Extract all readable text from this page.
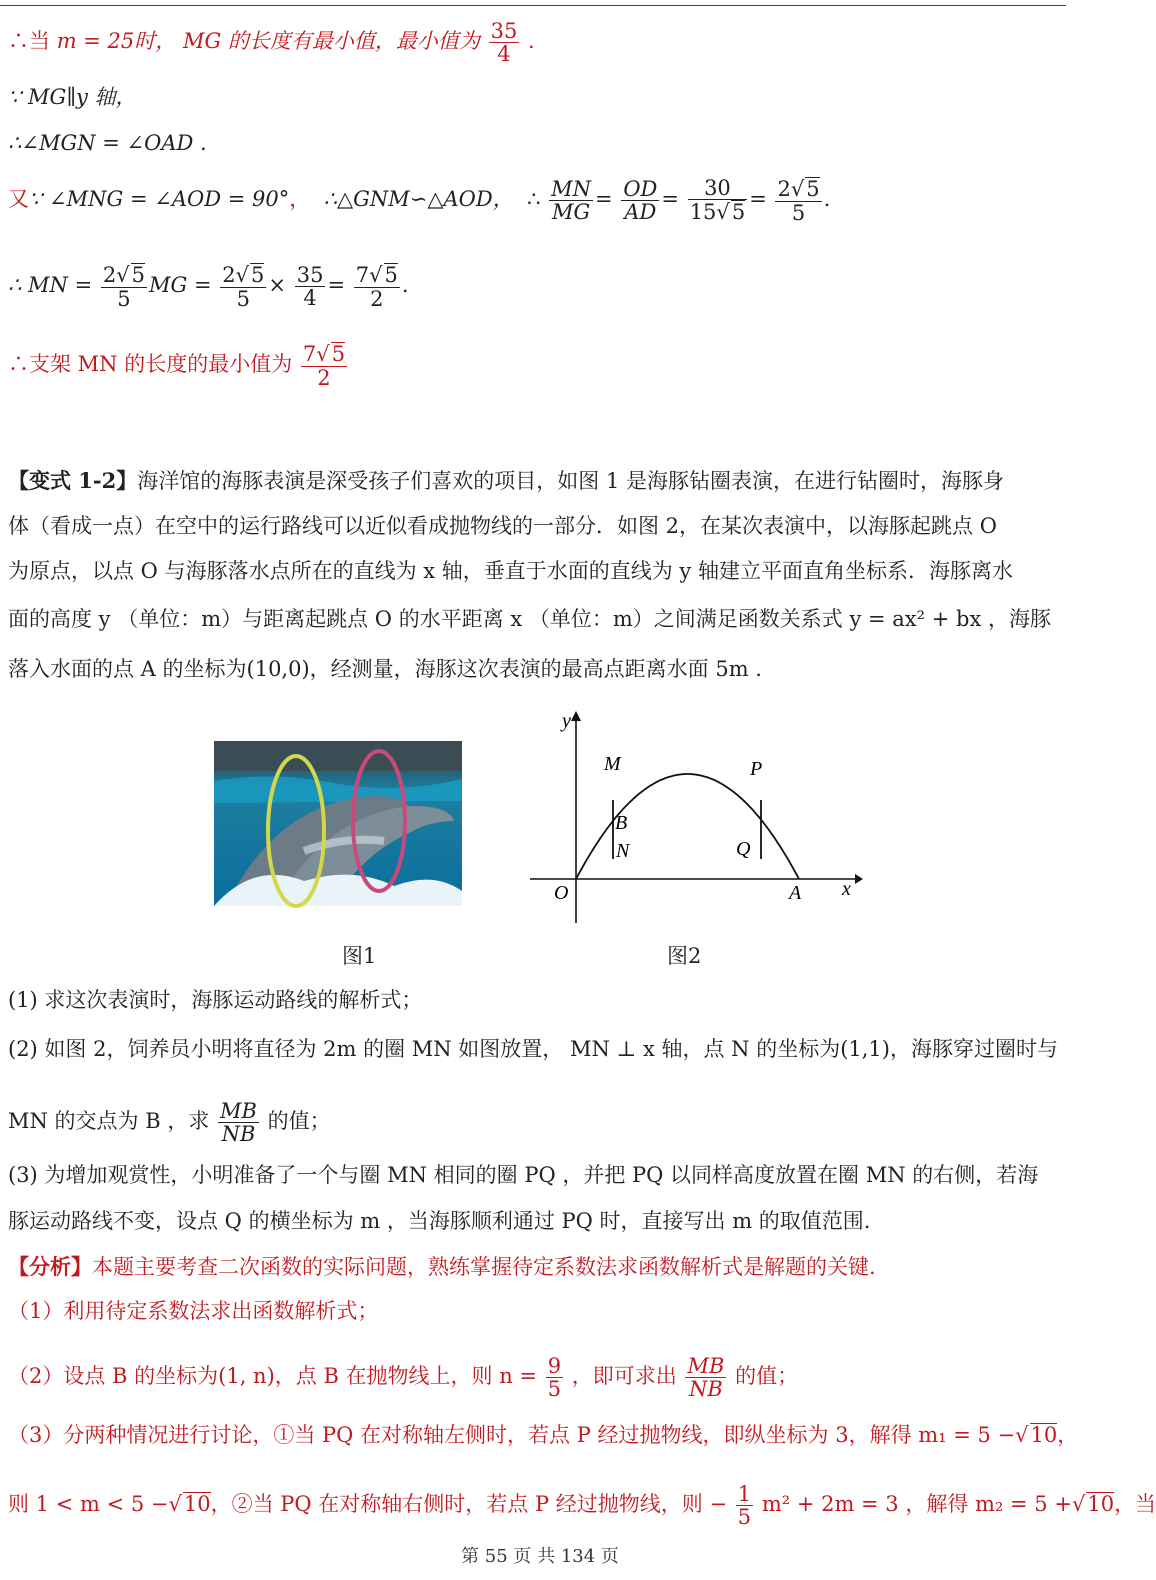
∴当 m = 25时， MG 的长度有最小值，最小值为 $\frac{35}{4}$ .
∵ MG∥y 轴，
∴∠MGN = ∠OAD .
又∵ ∠MNG = ∠AOD = 90°， ∴△GNM∽△AOD， ∴ $\frac{MN}{MG} = \frac{OD}{AD} = \frac{30}{15√5} = \frac{2√5}{5}$ .
∴ MN = $\frac{2√5}{5}$ MG = $\frac{2√5}{5} \times \frac{35}{4} = \frac{7√5}{2}$ .
∴支架 MN 的长度的最小值为 $\frac{7√5}{2}$
【变式 1-2】海洋馆的海豚表演是深受孩子们喜欢的项目，如图 1 是海豚钻圈表演，在进行钻圈时，海豚身
体（看成一点）在空中的运行路线可以近似看成抛物线的一部分．如图 2，在某次表演中，以海豚起跳点 O
为原点，以点 O 与海豚落水点所在的直线为 x 轴，垂直于水面的直线为 y 轴建立平面直角坐标系．海豚离水
面的高度 y （单位：m）与距离起跳点 O 的水平距离 x （单位：m）之间满足函数关系式 y = ax² + bx ，海豚
落入水面的点 A 的坐标为(10,0)，经测量，海豚这次表演的最高点距离水面 5m .
y
x
O	A
M
B
N
P
Q
图1	图2
(1) 求这次表演时，海豚运动路线的解析式；
(2) 如图 2，饲养员小明将直径为 2m 的圈 MN 如图放置， MN ⊥ x 轴，点 N 的坐标为(1,1)，海豚穿过圈时与
MN 的交点为 B ，求 $\frac{MB}{NB}$ 的值；
(3) 为增加观赏性，小明准备了一个与圈 MN 相同的圈 PQ ，并把 PQ 以同样高度放置在圈 MN 的右侧，若海
豚运动路线不变，设点 Q 的横坐标为 m ，当海豚顺利通过 PQ 时，直接写出 m 的取值范围.
【分析】本题主要考查二次函数的实际问题，熟练掌握待定系数法求函数解析式是解题的关键.
（1）利用待定系数法求出函数解析式；
（2）设点 B 的坐标为(1, n)，点 B 在抛物线上，则 $n = \frac{9}{5}$ ，即可求出 $\frac{MB}{NB}$ 的值；
（3）分两种情况进行讨论，①当 PQ 在对称轴左侧时，若点 P 经过抛物线，即纵坐标为 3，解得 m₁ = 5 −√10，
则 1 < m < 5 −√10，②当 PQ 在对称轴右侧时，若点 P 经过抛物线，则 − $\frac{1}{5} m^2 + 2m = 3$ ，解得 m₂ = 5 +√10，当
第 55 页 共 134 页
